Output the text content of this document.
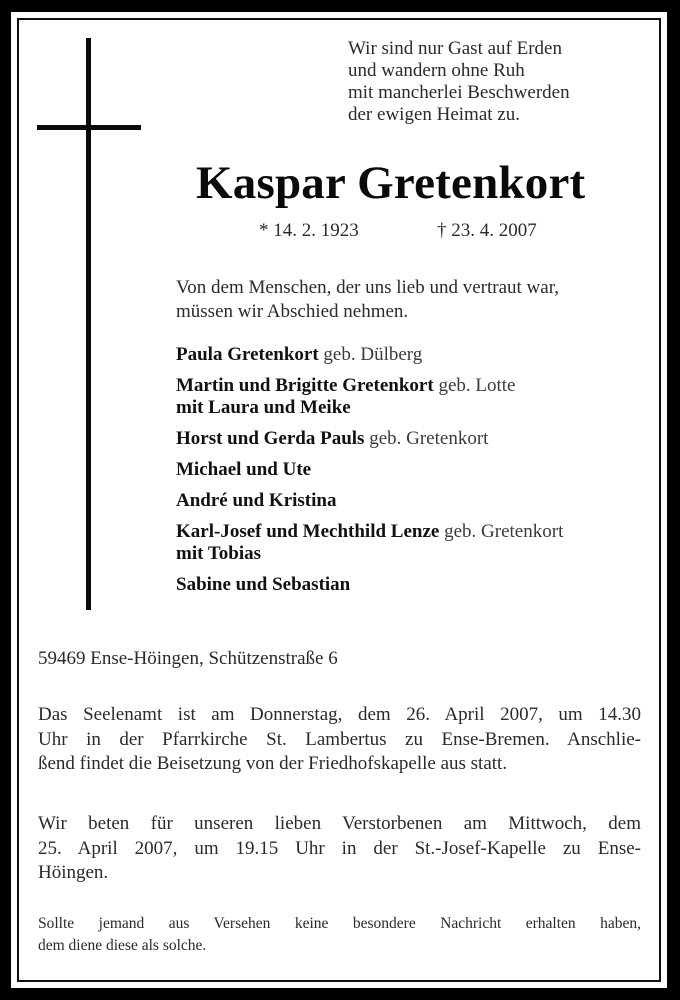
Wir sind nur Gast auf Erden
und wandern ohne Ruh
mit mancherlei Beschwerden
der ewigen Heimat zu.
Kaspar Gretenkort
* 14. 2. 1923	† 23. 4. 2007
Von dem Menschen, der uns lieb und vertraut war,
müssen wir Abschied nehmen.
Paula Gretenkort geb. Dülberg
Martin und Brigitte Gretenkort geb. Lotte
mit Laura und Meike
Horst und Gerda Pauls geb. Gretenkort
Michael und Ute
André und Kristina
Karl-Josef und Mechthild Lenze geb. Gretenkort
mit Tobias
Sabine und Sebastian
59469 Ense-Höingen, Schützenstraße 6
Das Seelenamt ist am Donnerstag, dem 26. April 2007, um 14.30
Uhr in der Pfarrkirche St. Lambertus zu Ense-Bremen. Anschlie-
ßend findet die Beisetzung von der Friedhofskapelle aus statt.
Wir beten für unseren lieben Verstorbenen am Mittwoch, dem
25. April 2007, um 19.15 Uhr in der St.-Josef-Kapelle zu Ense-
Höingen.
Sollte jemand aus Versehen keine besondere Nachricht erhalten haben,
dem diene diese als solche.
